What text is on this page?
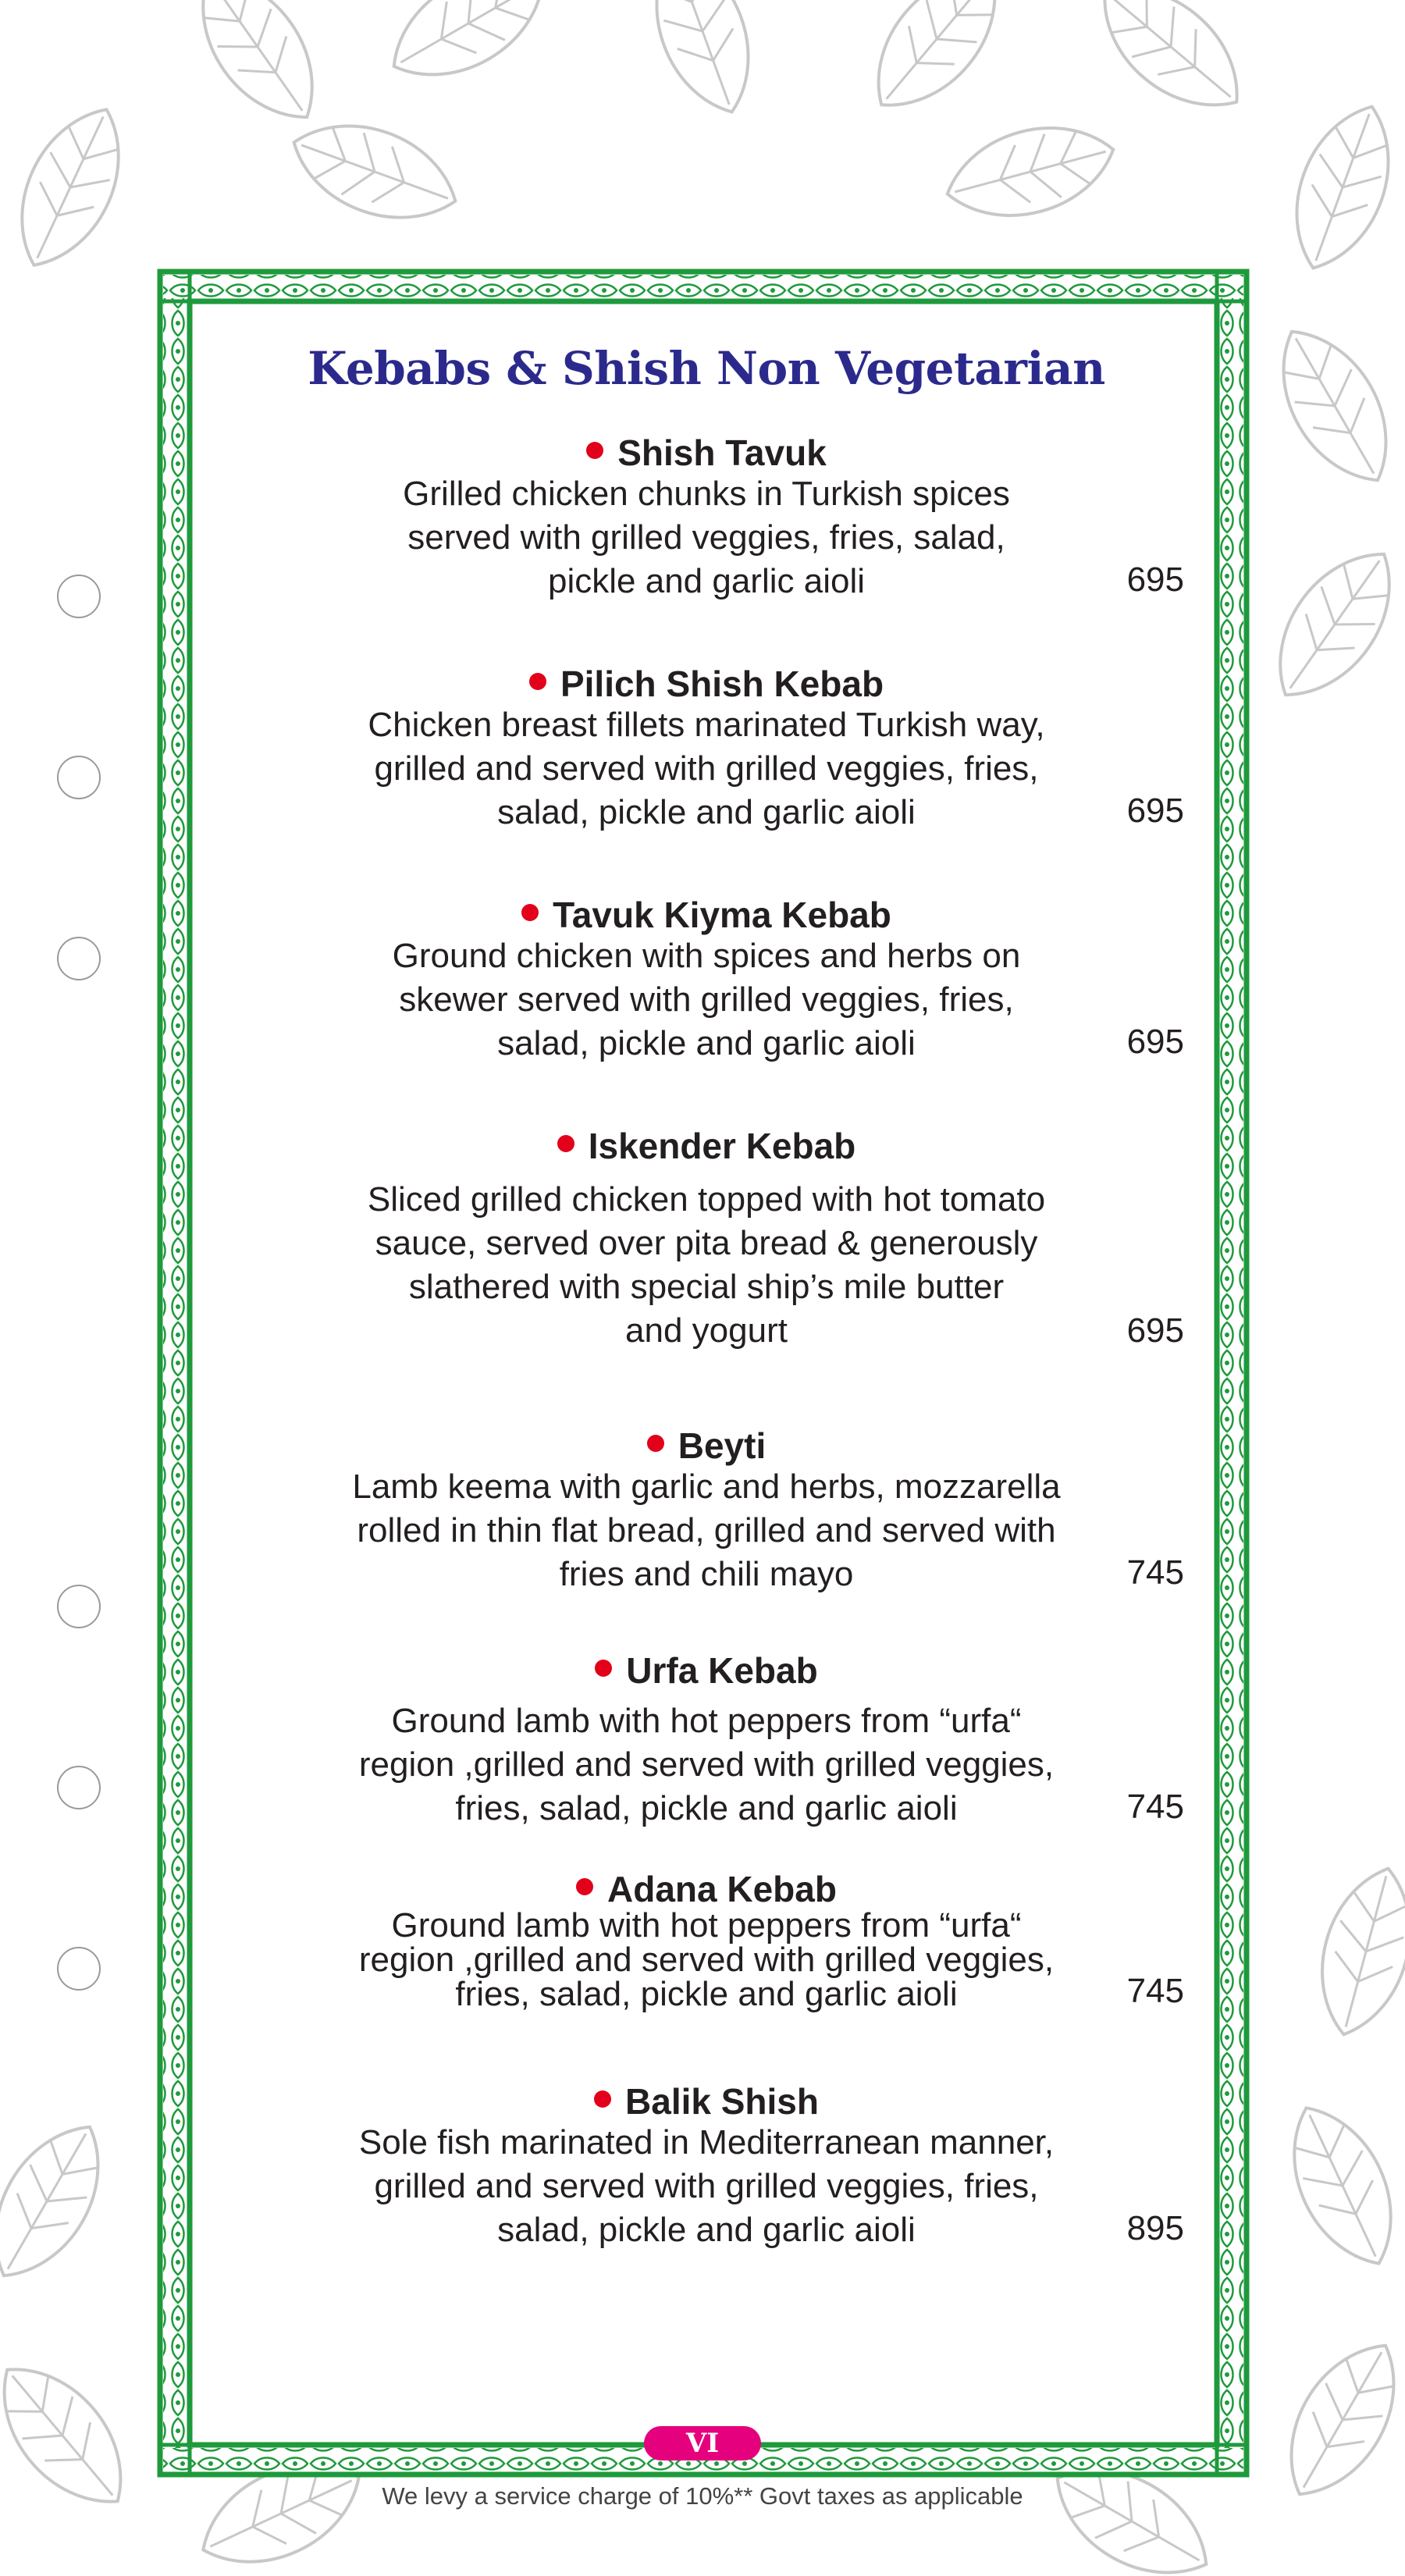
Kebabs & Shish Non Vegetarian
Shish Tavuk
Grilled chicken chunks in Turkish spices
served with grilled veggies, fries, salad,
pickle and garlic aioli	695
Pilich Shish Kebab
Chicken breast fillets marinated Turkish way,
grilled and served with grilled veggies, fries,
salad, pickle and garlic aioli	695
Tavuk Kiyma Kebab
Ground chicken with spices and herbs on
skewer served with grilled veggies, fries,
salad, pickle and garlic aioli	695
Iskender Kebab
Sliced grilled chicken topped with hot tomato
sauce, served over pita bread & generously
slathered with special ship’s mile butter
and yogurt	695
Beyti
Lamb keema with garlic and herbs, mozzarella
rolled in thin flat bread, grilled and served with
fries and chili mayo	745
Urfa Kebab
Ground lamb with hot peppers from “urfa“
region ,grilled and served with grilled veggies,
fries, salad, pickle and garlic aioli	745
Adana Kebab
Ground lamb with hot peppers from “urfa“
region ,grilled and served with grilled veggies,
fries, salad, pickle and garlic aioli	745
Balik Shish
Sole fish marinated in Mediterranean manner,
grilled and served with grilled veggies, fries,
salad, pickle and garlic aioli	895
VI
We levy a service charge of 10%** Govt taxes as applicable
